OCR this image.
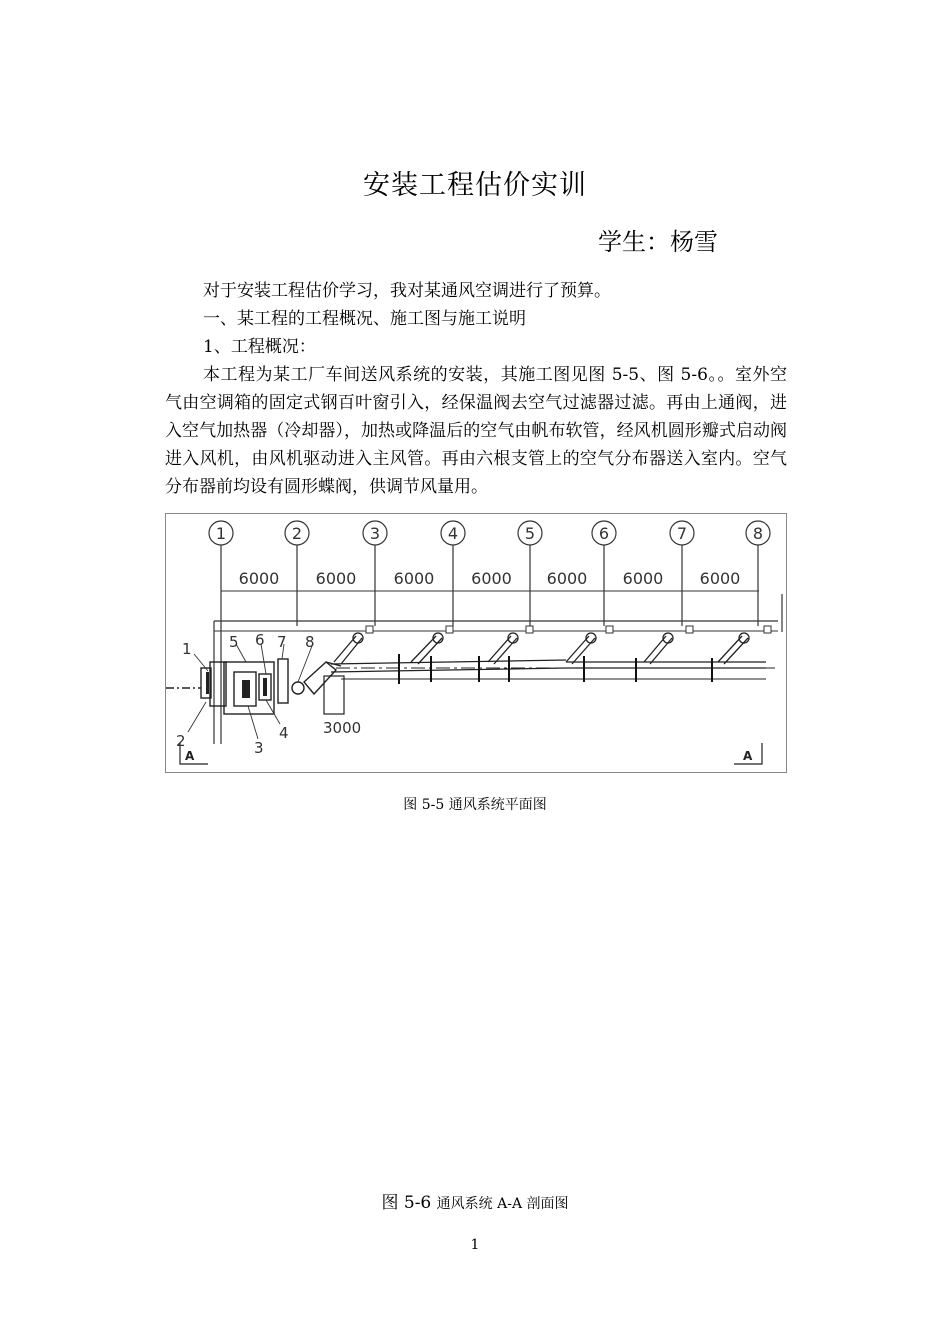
安装工程估价实训
学生：杨雪
对于安装工程估价学习，我对某通风空调进行了预算。
一、某工程的工程概况、施工图与施工说明
1、工程概况：
本工程为某工厂车间送风系统的安装，其施工图见图 5-5、图 5-6。。室外空气由空调箱的固定式钢百叶窗引入，经保温阀去空气过滤器过滤。再由上通阀，进入空气加热器（冷却器），加热或降温后的空气由帆布软管，经风机圆形瓣式启动阀进入风机，由风机驱动进入主风管。再由六根支管上的空气分布器送入室内。空气分布器前均设有圆形蝶阀，供调节风量用。
1	2	3	4	5	6	7	8
6000 6000 6000 6000 6000 6000 6000
1
2	3
4
5 6 7 8
3000
A	A
图 5-5 通风系统平面图
图 5-6 通风系统 A-A 剖面图
1
